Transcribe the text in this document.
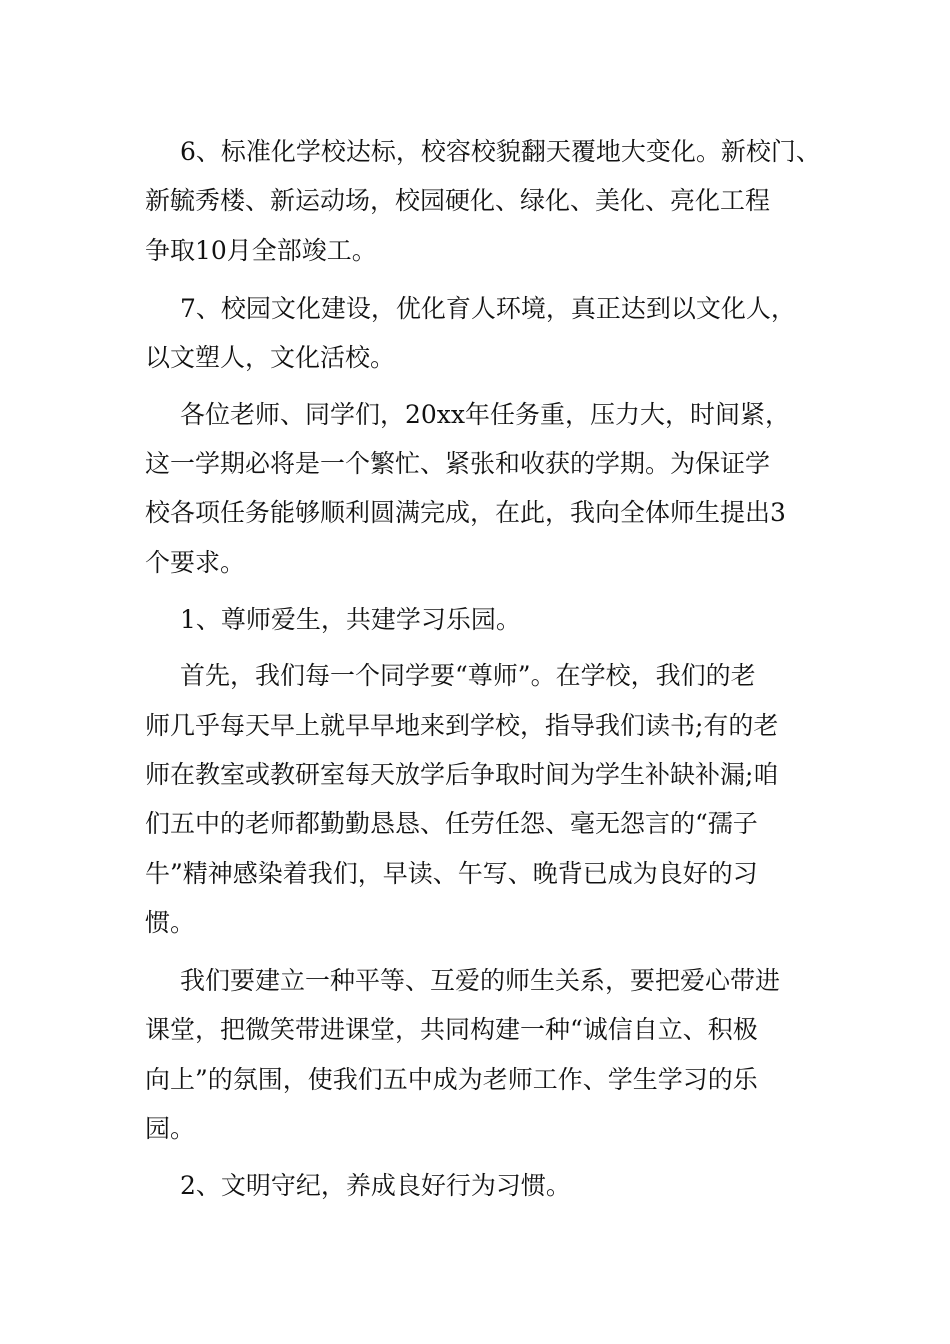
6、标准化学校达标，校容校貌翻天覆地大变化。新校门、
新毓秀楼、新运动场，校园硬化、绿化、美化、亮化工程
争取10月全部竣工。
7、校园文化建设，优化育人环境，真正达到以文化人，
以文塑人，文化活校。
各位老师、同学们，20xx年任务重，压力大，时间紧，
这一学期必将是一个繁忙、紧张和收获的学期。为保证学
校各项任务能够顺利圆满完成，在此，我向全体师生提出3
个要求。
1、尊师爱生，共建学习乐园。
首先，我们每一个同学要“尊师”。在学校，我们的老
师几乎每天早上就早早地来到学校，指导我们读书;有的老
师在教室或教研室每天放学后争取时间为学生补缺补漏;咱
们五中的老师都勤勤恳恳、任劳任怨、毫无怨言的“孺子
牛”精神感染着我们，早读、午写、晚背已成为良好的习
惯。
我们要建立一种平等、互爱的师生关系，要把爱心带进
课堂，把微笑带进课堂，共同构建一种“诚信自立、积极
向上”的氛围，使我们五中成为老师工作、学生学习的乐
园。
2、文明守纪，养成良好行为习惯。
